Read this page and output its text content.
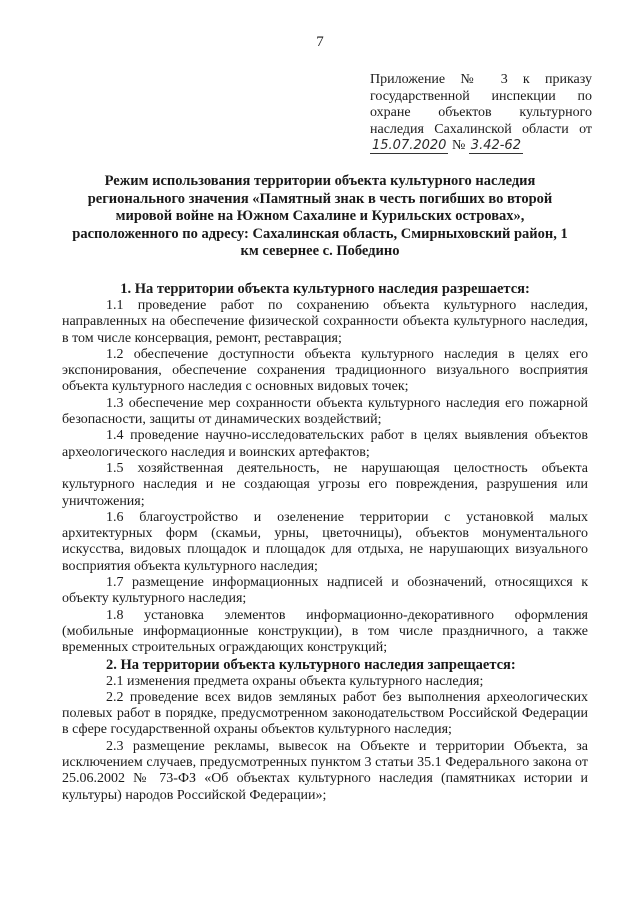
7
Приложение № 3 к приказу государственной инспекции по охране объектов культурного наследия Сахалинской области от 15.07.2020 № 3.42-62
Режим использования территории объекта культурного наследия регионального значения «Памятный знак в честь погибших во второй мировой войне на Южном Сахалине и Курильских островах», расположенного по адресу: Сахалинская область, Смирныховский район, 1 км севернее с. Победино
1. На территории объекта культурного наследия разрешается:

1.1 проведение работ по сохранению объекта культурного наследия, направленных на обеспечение физической сохранности объекта культурного наследия, в том числе консервация, ремонт, реставрация;

1.2 обеспечение доступности объекта культурного наследия в целях его экспонирования, обеспечение сохранения традиционного визуального восприятия объекта культурного наследия с основных видовых точек;

1.3 обеспечение мер сохранности объекта культурного наследия его пожарной безопасности, защиты от динамических воздействий;

1.4 проведение научно-исследовательских работ в целях выявления объектов археологического наследия и воинских артефактов;

1.5 хозяйственная деятельность, не нарушающая целостность объекта культурного наследия и не создающая угрозы его повреждения, разрушения или уничтожения;

1.6 благоустройство и озеленение территории с установкой малых архитектурных форм (скамьи, урны, цветочницы), объектов монументального искусства, видовых площадок и площадок для отдыха, не нарушающих визуального восприятия объекта культурного наследия;

1.7 размещение информационных надписей и обозначений, относящихся к объекту культурного наследия;

1.8 установка элементов информационно-декоративного оформления (мобильные информационные конструкции), в том числе праздничного, а также временных строительных ограждающих конструкций;

2. На территории объекта культурного наследия запрещается:

2.1 изменения предмета охраны объекта культурного наследия;

2.2 проведение всех видов земляных работ без выполнения археологических полевых работ в порядке, предусмотренном законодательством Российской Федерации в сфере государственной охраны объектов культурного наследия;

2.3 размещение рекламы, вывесок на Объекте и территории Объекта, за исключением случаев, предусмотренных пунктом 3 статьи 35.1 Федерального закона от 25.06.2002 № 73-ФЗ «Об объектах культурного наследия (памятниках истории и культуры) народов Российской Федерации»;
